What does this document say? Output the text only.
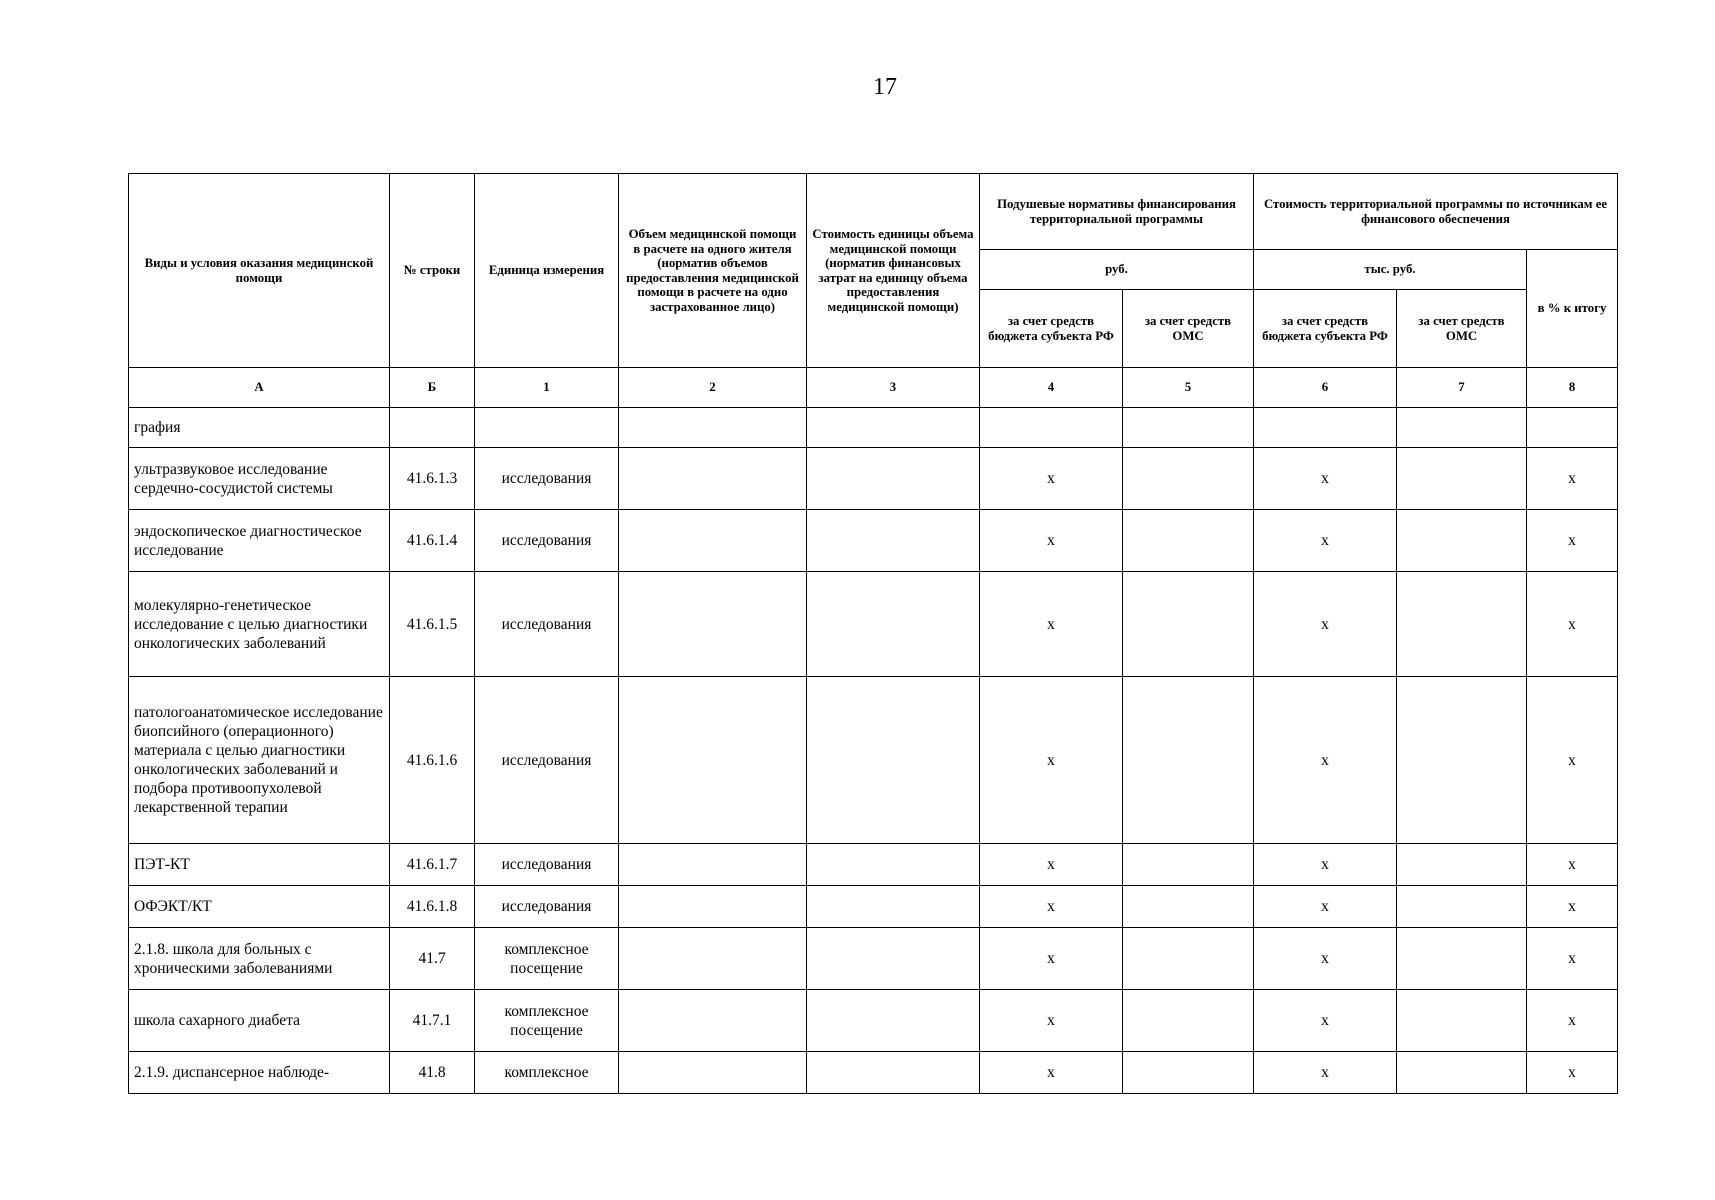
17
Виды и условия оказания медицинской помощи	№ строки	Единица измерения	Объем медицинской помощи в расчете на одного жителя (норматив объемов предоставления медицинской помощи в расчете на одно застрахованное лицо)	Стоимость единицы объема медицинской помощи (норматив финансовых затрат на единицу объема предоставления медицинской помощи)	Подушевые нормативы финансирования территориальной программы		Стоимость территориальной программы по источникам ее финансового обеспечения		
					руб.		тыс. руб.		в % к итогу
					за счет средств бюджета субъекта РФ	за счет средств ОМС	за счет средств бюджета субъекта РФ	за счет средств ОМС	
А	Б	1	2	3	4	5	6	7	8
графия									
ультразвуковое исследование сердечно-сосудистой системы	41.6.1.3	исследования			x		x		x
эндоскопическое диагностическое исследование	41.6.1.4	исследования			x		x		x
молекулярно-генетическое исследование с целью диагностики онкологических заболеваний	41.6.1.5	исследования			x		x		x
патологоанатомическое исследование биопсийного (операционного) материала с целью диагностики онкологических заболеваний и подбора противоопухолевой лекарственной терапии	41.6.1.6	исследования			x		x		x
ПЭТ-КТ	41.6.1.7	исследования			x		x		x
ОФЭКТ/КТ	41.6.1.8	исследования			x		x		x
2.1.8. школа для больных с хроническими заболеваниями	41.7	комплексное посещение			x		x		x
школа сахарного диабета	41.7.1	комплексное посещение			x		x		x
2.1.9. диспансерное наблюде-	41.8	комплексное			x		x		x
